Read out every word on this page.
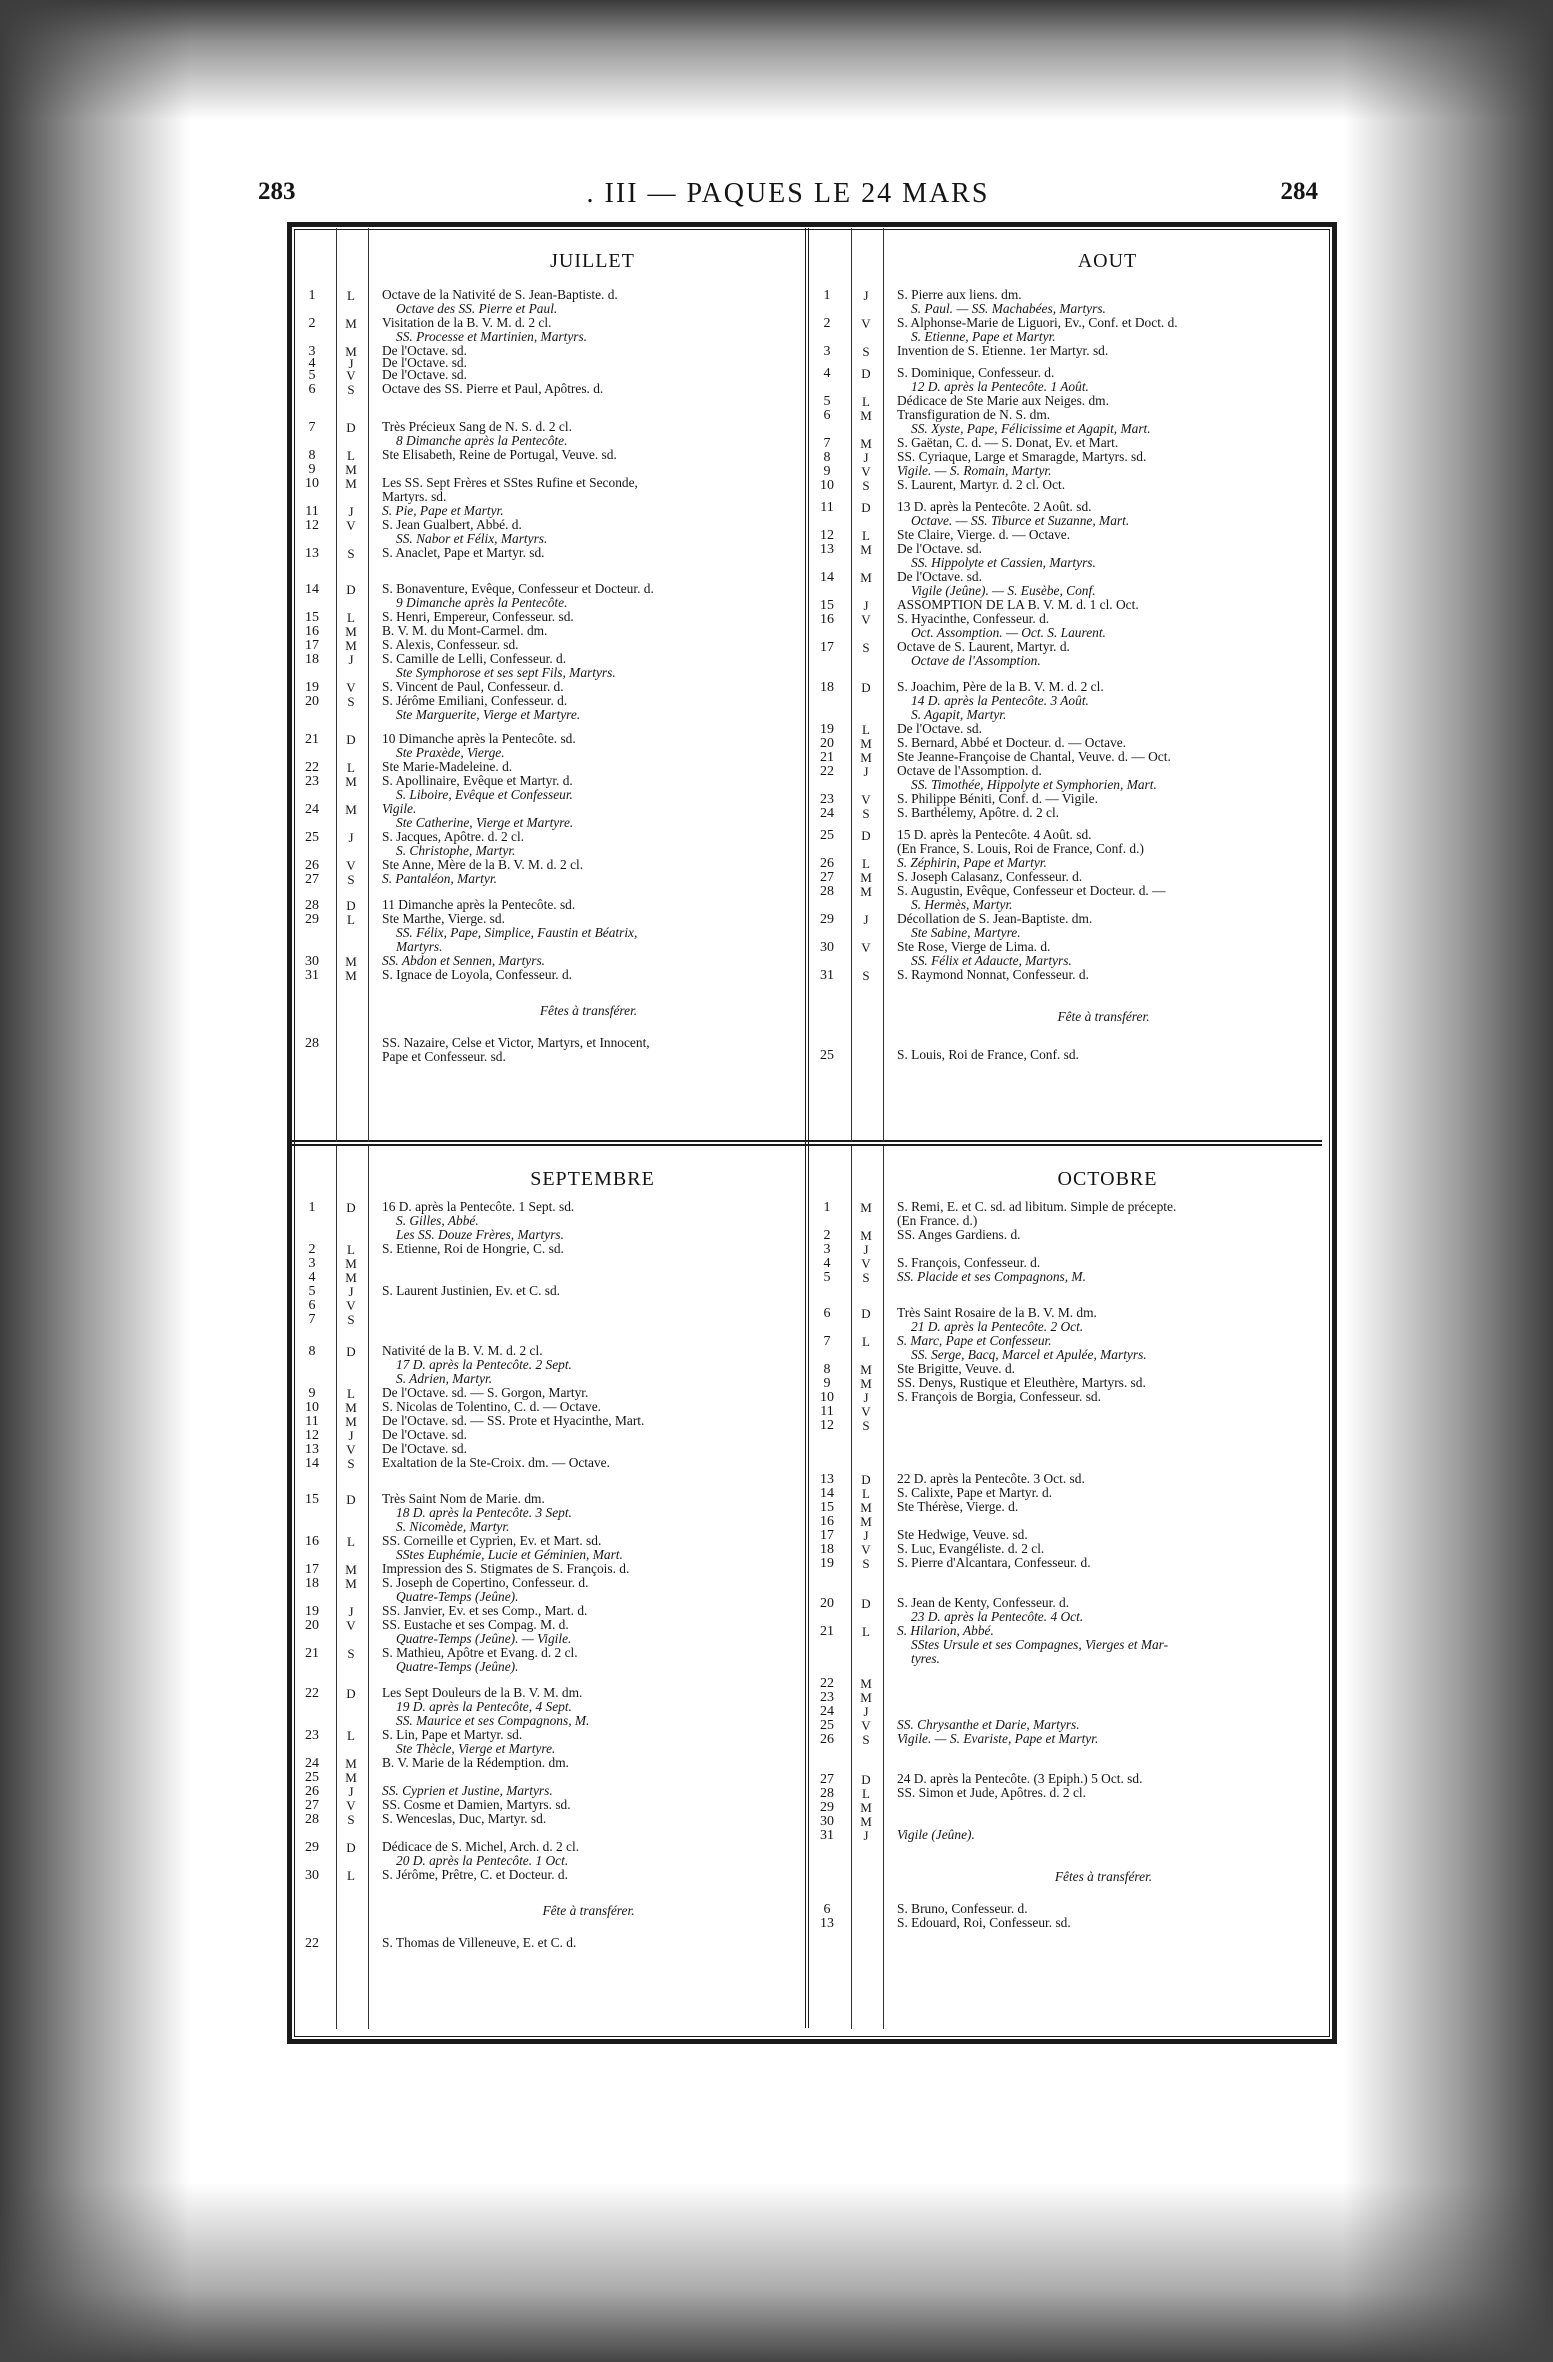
283	. III — PAQUES LE 24 MARS	284
JUILLET
1	L	Octave de la Nativité de S. Jean-Baptiste. d.
Octave des SS. Pierre et Paul.
2	M	Visitation de la B. V. M. d. 2 cl.
SS. Processe et Martinien, Martyrs.
3	M	De l'Octave. sd.
4	J	De l'Octave. sd.
5	V	De l'Octave. sd.
6	S	Octave des SS. Pierre et Paul, Apôtres. d.
7	D	Très Précieux Sang de N. S. d. 2 cl.
8 Dimanche après la Pentecôte.
8	L	Ste Elisabeth, Reine de Portugal, Veuve. sd.
9	M
10	M	Les SS. Sept Frères et SStes Rufine et Seconde,
Martyrs. sd.
11	J	S. Pie, Pape et Martyr.
12	V	S. Jean Gualbert, Abbé. d.
SS. Nabor et Félix, Martyrs.
13	S	S. Anaclet, Pape et Martyr. sd.
14	D	S. Bonaventure, Evêque, Confesseur et Docteur. d.
9 Dimanche après la Pentecôte.
15	L	S. Henri, Empereur, Confesseur. sd.
16	M	B. V. M. du Mont-Carmel. dm.
17	M	S. Alexis, Confesseur. sd.
18	J	S. Camille de Lelli, Confesseur. d.
Ste Symphorose et ses sept Fils, Martyrs.
19	V	S. Vincent de Paul, Confesseur. d.
20	S	S. Jérôme Emiliani, Confesseur. d.
Ste Marguerite, Vierge et Martyre.
21	D	10 Dimanche après la Pentecôte. sd.
Ste Praxède, Vierge.
22	L	Ste Marie-Madeleine. d.
23	M	S. Apollinaire, Evêque et Martyr. d.
S. Liboire, Evêque et Confesseur.
24	M	Vigile.
Ste Catherine, Vierge et Martyre.
25	J	S. Jacques, Apôtre. d. 2 cl.
S. Christophe, Martyr.
26	V	Ste Anne, Mère de la B. V. M. d. 2 cl.
27	S	S. Pantaléon, Martyr.
28	D	11 Dimanche après la Pentecôte. sd.
29	L	Ste Marthe, Vierge. sd.
SS. Félix, Pape, Simplice, Faustin et Béatrix,
Martyrs.
30	M	SS. Abdon et Sennen, Martyrs.
31	M	S. Ignace de Loyola, Confesseur. d.
Fêtes à transférer.
28	SS. Nazaire, Celse et Victor, Martyrs, et Innocent,
Pape et Confesseur. sd.
AOUT
1	J	S. Pierre aux liens. dm.
S. Paul. — SS. Machabées, Martyrs.
2	V	S. Alphonse-Marie de Liguori, Ev., Conf. et Doct. d.
S. Etienne, Pape et Martyr.
3	S	Invention de S. Etienne. 1er Martyr. sd.
4	D	S. Dominique, Confesseur. d.
12 D. après la Pentecôte. 1 Août.
5	L	Dédicace de Ste Marie aux Neiges. dm.
6	M	Transfiguration de N. S. dm.
SS. Xyste, Pape, Félicissime et Agapit, Mart.
7	M	S. Gaëtan, C. d. — S. Donat, Ev. et Mart.
8	J	SS. Cyriaque, Large et Smaragde, Martyrs. sd.
9	V	Vigile. — S. Romain, Martyr.
10	S	S. Laurent, Martyr. d. 2 cl. Oct.
11	D	13 D. après la Pentecôte. 2 Août. sd.
Octave. — SS. Tiburce et Suzanne, Mart.
12	L	Ste Claire, Vierge. d. — Octave.
13	M	De l'Octave. sd.
SS. Hippolyte et Cassien, Martyrs.
14	M	De l'Octave. sd.
Vigile (Jeûne). — S. Eusèbe, Conf.
15	J	ASSOMPTION DE LA B. V. M. d. 1 cl. Oct.
16	V	S. Hyacinthe, Confesseur. d.
Oct. Assomption. — Oct. S. Laurent.
17	S	Octave de S. Laurent, Martyr. d.
Octave de l'Assomption.
18	D	S. Joachim, Père de la B. V. M. d. 2 cl.
14 D. après la Pentecôte. 3 Août.
S. Agapit, Martyr.
19	L	De l'Octave. sd.
20	M	S. Bernard, Abbé et Docteur. d. — Octave.
21	M	Ste Jeanne-Françoise de Chantal, Veuve. d. — Oct.
22	J	Octave de l'Assomption. d.
SS. Timothée, Hippolyte et Symphorien, Mart.
23	V	S. Philippe Béniti, Conf. d. — Vigile.
24	S	S. Barthélemy, Apôtre. d. 2 cl.
25	D	15 D. après la Pentecôte. 4 Août. sd.
(En France, S. Louis, Roi de France, Conf. d.)
26	L	S. Zéphirin, Pape et Martyr.
27	M	S. Joseph Calasanz, Confesseur. d.
28	M	S. Augustin, Evêque, Confesseur et Docteur. d. —
S. Hermès, Martyr.
29	J	Décollation de S. Jean-Baptiste. dm.
Ste Sabine, Martyre.
30	V	Ste Rose, Vierge de Lima. d.
SS. Félix et Adaucte, Martyrs.
31	S	S. Raymond Nonnat, Confesseur. d.
Fête à transférer.
25	S. Louis, Roi de France, Conf. sd.
SEPTEMBRE
1	D	16 D. après la Pentecôte. 1 Sept. sd.
S. Gilles, Abbé.
Les SS. Douze Frères, Martyrs.
2	L	S. Etienne, Roi de Hongrie, C. sd.
3	M
4	M
5	J	S. Laurent Justinien, Ev. et C. sd.
6	V
7	S
8	D	Nativité de la B. V. M. d. 2 cl.
17 D. après la Pentecôte. 2 Sept.
S. Adrien, Martyr.
9	L	De l'Octave. sd. — S. Gorgon, Martyr.
10	M	S. Nicolas de Tolentino, C. d. — Octave.
11	M	De l'Octave. sd. — SS. Prote et Hyacinthe, Mart.
12	J	De l'Octave. sd.
13	V	De l'Octave. sd.
14	S	Exaltation de la Ste-Croix. dm. — Octave.
15	D	Très Saint Nom de Marie. dm.
18 D. après la Pentecôte. 3 Sept.
S. Nicomède, Martyr.
16	L	SS. Corneille et Cyprien, Ev. et Mart. sd.
SStes Euphémie, Lucie et Géminien, Mart.
17	M	Impression des S. Stigmates de S. François. d.
18	M	S. Joseph de Copertino, Confesseur. d.
Quatre-Temps (Jeûne).
19	J	SS. Janvier, Ev. et ses Comp., Mart. d.
20	V	SS. Eustache et ses Compag. M. d.
Quatre-Temps (Jeûne). — Vigile.
21	S	S. Mathieu, Apôtre et Evang. d. 2 cl.
Quatre-Temps (Jeûne).
22	D	Les Sept Douleurs de la B. V. M. dm.
19 D. après la Pentecôte, 4 Sept.
SS. Maurice et ses Compagnons, M.
23	L	S. Lin, Pape et Martyr. sd.
Ste Thècle, Vierge et Martyre.
24	M	B. V. Marie de la Rédemption. dm.
25	M
26	J	SS. Cyprien et Justine, Martyrs.
27	V	SS. Cosme et Damien, Martyrs. sd.
28	S	S. Wenceslas, Duc, Martyr. sd.
29	D	Dédicace de S. Michel, Arch. d. 2 cl.
20 D. après la Pentecôte. 1 Oct.
30	L	S. Jérôme, Prêtre, C. et Docteur. d.
Fête à transférer.
22	S. Thomas de Villeneuve, E. et C. d.
OCTOBRE
1	M	S. Remi, E. et C. sd. ad libitum. Simple de précepte.
(En France. d.)
2	M	SS. Anges Gardiens. d.
3	J
4	V	S. François, Confesseur. d.
5	S	SS. Placide et ses Compagnons, M.
6	D	Très Saint Rosaire de la B. V. M. dm.
21 D. après la Pentecôte. 2 Oct.
7	L	S. Marc, Pape et Confesseur.
SS. Serge, Bacq, Marcel et Apulée, Martyrs.
8	M	Ste Brigitte, Veuve. d.
9	M	SS. Denys, Rustique et Eleuthère, Martyrs. sd.
10	J	S. François de Borgia, Confesseur. sd.
11	V
12	S
13	D	22 D. après la Pentecôte. 3 Oct. sd.
14	L	S. Calixte, Pape et Martyr. d.
15	M	Ste Thérèse, Vierge. d.
16	M
17	J	Ste Hedwige, Veuve. sd.
18	V	S. Luc, Evangéliste. d. 2 cl.
19	S	S. Pierre d'Alcantara, Confesseur. d.
20	D	S. Jean de Kenty, Confesseur. d.
23 D. après la Pentecôte. 4 Oct.
21	L	S. Hilarion, Abbé.
SStes Ursule et ses Compagnes, Vierges et Mar-
tyres.
22	M
23	M
24	J
25	V	SS. Chrysanthe et Darie, Martyrs.
26	S	Vigile. — S. Evariste, Pape et Martyr.
27	D	24 D. après la Pentecôte. (3 Epiph.) 5 Oct. sd.
28	L	SS. Simon et Jude, Apôtres. d. 2 cl.
29	M
30	M
31	J	Vigile (Jeûne).
Fêtes à transférer.
6	S. Bruno, Confesseur. d.
13	S. Edouard, Roi, Confesseur. sd.
